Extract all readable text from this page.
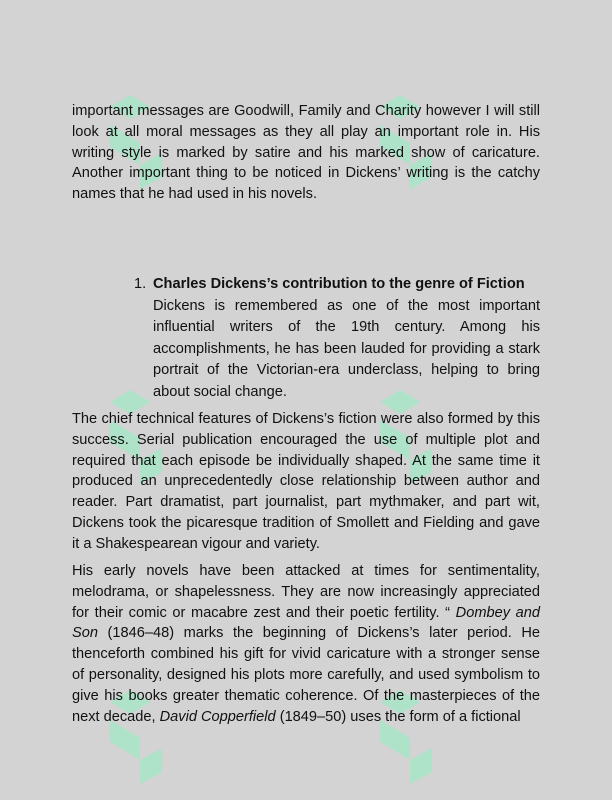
important messages are Goodwill, Family and Charity however I will still look at all moral messages as they all play an important role in. His writing style is marked by satire and his marked show of caricature. Another important thing to be noticed in Dickens’ writing is the catchy names that he had used in his novels.

1. Charles Dickens’s contribution to the genre of Fiction
Dickens is remembered as one of the most important influential writers of the 19th century. Among his accomplishments, he has been lauded for providing a stark portrait of the Victorian-era underclass, helping to bring about social change.

The chief technical features of Dickens’s fiction were also formed by this success. Serial publication encouraged the use of multiple plot and required that each episode be individually shaped. At the same time it produced an unprecedentedly close relationship between author and reader. Part dramatist, part journalist, part mythmaker, and part wit, Dickens took the picaresque tradition of Smollett and Fielding and gave it a Shakespearean vigour and variety.

His early novels have been attacked at times for sentimentality, melodrama, or shapelessness. They are now increasingly appreciated for their comic or macabre zest and their poetic fertility. “ Dombey and Son (1846–48) marks the beginning of Dickens’s later period. He thenceforth combined his gift for vivid caricature with a stronger sense of personality, designed his plots more carefully, and used symbolism to give his books greater thematic coherence. Of the masterpieces of the next decade, David Copperfield (1849–50) uses the form of a fictional
